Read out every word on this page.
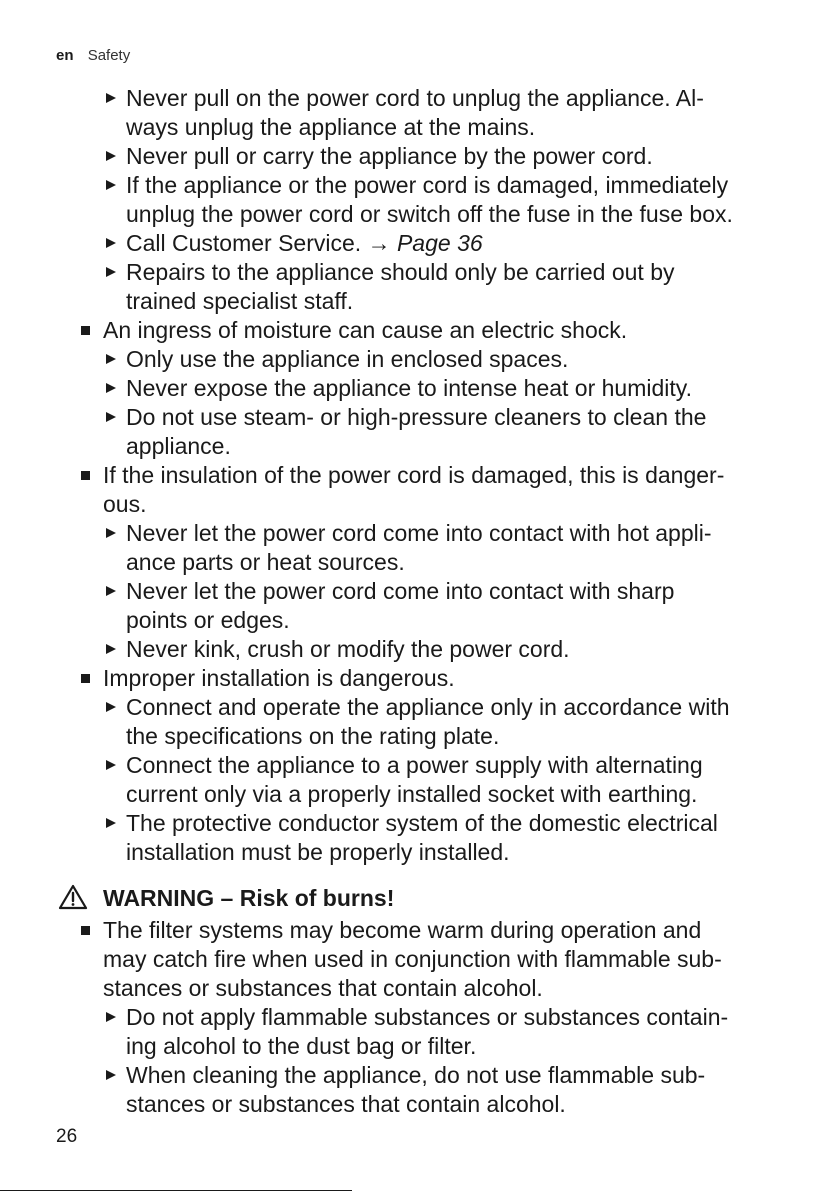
en Safety
Never pull on the power cord to unplug the appliance. Al-
ways unplug the appliance at the mains.
Never pull or carry the appliance by the power cord.
If the appliance or the power cord is damaged, immediately
unplug the power cord or switch off the fuse in the fuse box.
Call Customer Service. → Page 36
Repairs to the appliance should only be carried out by
trained specialist staff.
An ingress of moisture can cause an electric shock.
Only use the appliance in enclosed spaces.
Never expose the appliance to intense heat or humidity.
Do not use steam- or high-pressure cleaners to clean the
appliance.
If the insulation of the power cord is damaged, this is danger-
ous.
Never let the power cord come into contact with hot appli-
ance parts or heat sources.
Never let the power cord come into contact with sharp
points or edges.
Never kink, crush or modify the power cord.
Improper installation is dangerous.
Connect and operate the appliance only in accordance with
the specifications on the rating plate.
Connect the appliance to a power supply with alternating
current only via a properly installed socket with earthing.
The protective conductor system of the domestic electrical
installation must be properly installed.
WARNING – Risk of burns!
The filter systems may become warm during operation and
may catch fire when used in conjunction with flammable sub-
stances or substances that contain alcohol.
Do not apply flammable substances or substances contain-
ing alcohol to the dust bag or filter.
When cleaning the appliance, do not use flammable sub-
stances or substances that contain alcohol.
26
